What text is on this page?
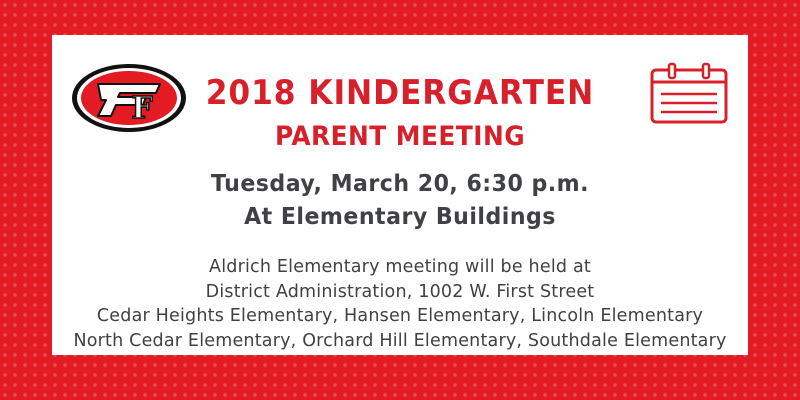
F	2018 KINDERGARTEN
PARENT MEETING
Tuesday, March 20, 6:30 p.m.
At Elementary Buildings
Aldrich Elementary meeting will be held at
District Administration, 1002 W. First Street
Cedar Heights Elementary, Hansen Elementary, Lincoln Elementary
North Cedar Elementary, Orchard Hill Elementary, Southdale Elementary
